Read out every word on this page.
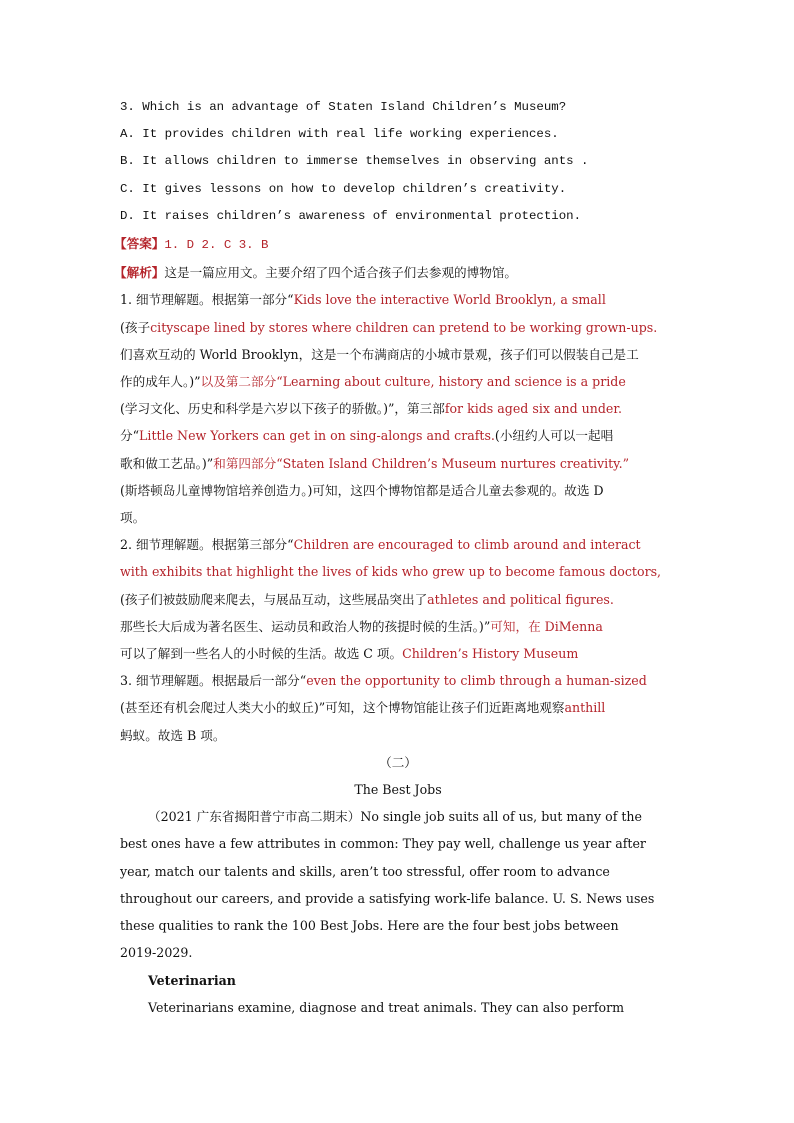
3. Which is an advantage of Staten Island Children’s Museum?

A. It provides children with real life working experiences.

B. It allows children to immerse themselves in observing ants .

C. It gives lessons on how to develop children’s creativity.

D. It raises children’s awareness of environmental protection.

【答案】1. D 2. C 3. B

【解析】这是一篇应用文。主要介绍了四个适合孩子们去参观的博物馆。

1. 细节理解题。根据第一部分“Kids love the interactive World Brooklyn, a small

(孩子cityscape lined by stores where children can pretend to be working grown-ups.

们喜欢互动的 World Brooklyn，这是一个布满商店的小城市景观，孩子们可以假装自己是工

作的成年人。)”以及第二部分“Learning about culture, history and science is a pride

(学习文化、历史和科学是六岁以下孩子的骄傲。)”，第三部for kids aged six and under.

分“Little New Yorkers can get in on sing-alongs and crafts.(小纽约人可以一起唱

歌和做工艺品。)”和第四部分“Staten Island Children’s Museum nurtures creativity.”

(斯塔顿岛儿童博物馆培养创造力。)可知，这四个博物馆都是适合儿童去参观的。故选 D

项。

2. 细节理解题。根据第三部分“Children are encouraged to climb around and interact

with exhibits that highlight the lives of kids who grew up to become famous doctors,

(孩子们被鼓励爬来爬去，与展品互动，这些展品突出了athletes and political figures.

那些长大后成为著名医生、运动员和政治人物的孩提时候的生活。)”可知，在 DiMenna

可以了解到一些名人的小时候的生活。故选 C 项。Children’s History Museum

3. 细节理解题。根据最后一部分“even the opportunity to climb through a human-sized

(甚至还有机会爬过人类大小的蚁丘)”可知，这个博物馆能让孩子们近距离地观察anthill

蚂蚁。故选 B 项。

（二）

The Best Jobs

（2021 广东省揭阳普宁市高二期末）No single job suits all of us, but many of the

best ones have a few attributes in common: They pay well, challenge us year after

year, match our talents and skills, aren’t too stressful, offer room to advance

throughout our careers, and provide a satisfying work-life balance. U. S. News uses

these qualities to rank the 100 Best Jobs. Here are the four best jobs between

2019-2029.

Veterinarian

Veterinarians examine, diagnose and treat animals. They can also perform
